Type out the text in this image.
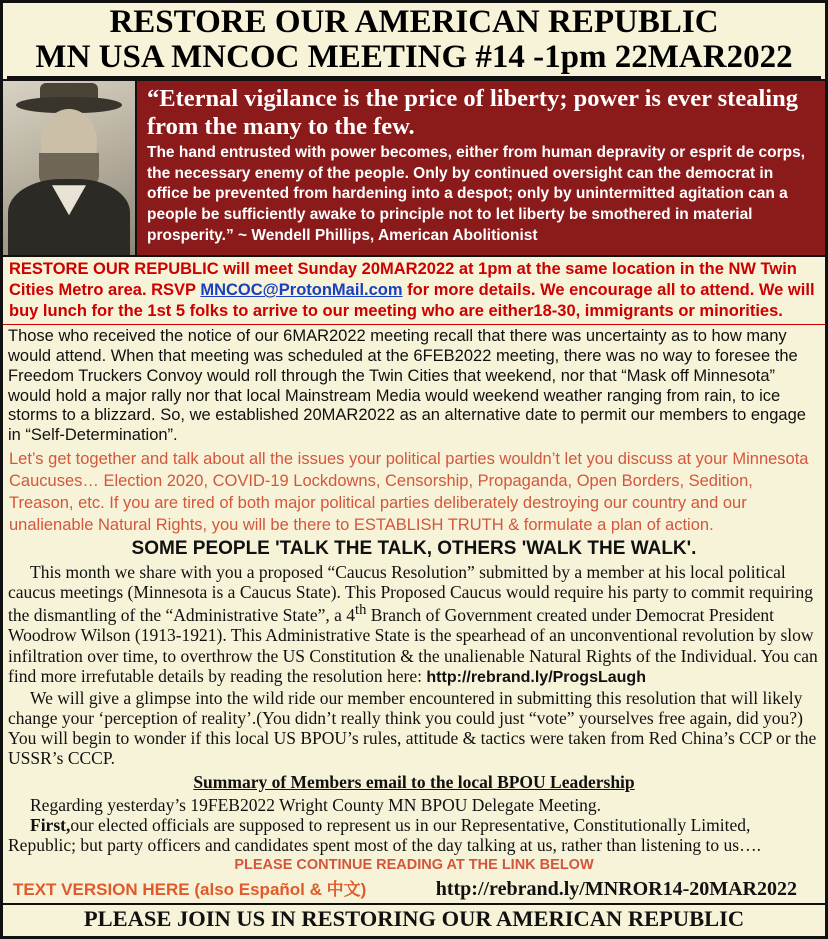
RESTORE OUR AMERICAN REPUBLIC
MN USA MNCOC MEETING #14 -1pm 22MAR2022
“Eternal vigilance is the price of liberty; power is ever stealing from the many to the few.
The hand entrusted with power becomes, either from human depravity or esprit de corps, the necessary enemy of the people. Only by continued oversight can the democrat in office be prevented from hardening into a despot; only by unintermitted agitation can a people be sufficiently awake to principle not to let liberty be smothered in material prosperity.” ~ Wendell Phillips, American Abolitionist
RESTORE OUR REPUBLIC will meet Sunday 20MAR2022 at 1pm at the same location in the NW Twin Cities Metro area. RSVP MNCOC@ProtonMail.com for more details. We encourage all to attend. We will buy lunch for the 1st 5 folks to arrive to our meeting who are either18-30, immigrants or minorities.
Those who received the notice of our 6MAR2022 meeting recall that there was uncertainty as to how many would attend. When that meeting was scheduled at the 6FEB2022 meeting, there was no way to foresee the Freedom Truckers Convoy would roll through the Twin Cities that weekend, nor that “Mask off Minnesota” would hold a major rally nor that local Mainstream Media would weekend weather ranging from rain, to ice storms to a blizzard. So, we established 20MAR2022 as an alternative date to permit our members to engage in “Self-Determination”.
Let’s get together and talk about all the issues your political parties wouldn’t let you discuss at your Minnesota Caucuses… Election 2020, COVID-19 Lockdowns, Censorship, Propaganda, Open Borders, Sedition, Treason, etc. If you are tired of both major political parties deliberately destroying our country and our unalienable Natural Rights, you will be there to ESTABLISH TRUTH & formulate a plan of action.
SOME PEOPLE 'TALK THE TALK, OTHERS 'WALK THE WALK'.
This month we share with you a proposed “Caucus Resolution” submitted by a member at his local political caucus meetings (Minnesota is a Caucus State). This Proposed Caucus would require his party to commit requiring the dismantling of the “Administrative State”, a 4th Branch of Government created under Democrat President Woodrow Wilson (1913-1921). This Administrative State is the spearhead of an unconventional revolution by slow infiltration over time, to overthrow the US Constitution & the unalienable Natural Rights of the Individual. You can find more irrefutable details by reading the resolution here: http://rebrand.ly/ProgsLaugh
We will give a glimpse into the wild ride our member encountered in submitting this resolution that will likely change your ‘perception of reality’.(You didn’t really think you could just “vote” yourselves free again, did you?) You will begin to wonder if this local US BPOU’s rules, attitude & tactics were taken from Red China’s CCP or the USSR’s CCCP.
Summary of Members email to the local BPOU Leadership
Regarding yesterday’s 19FEB2022 Wright County MN BPOU Delegate Meeting.
First,our elected officials are supposed to represent us in our Representative, Constitutionally Limited, Republic; but party officers and candidates spent most of the day talking at us, rather than listening to us….
PLEASE CONTINUE READING AT THE LINK BELOW
TEXT VERSION HERE (also Español & 中文)	http://rebrand.ly/MNROR14-20MAR2022
PLEASE JOIN US IN RESTORING OUR AMERICAN REPUBLIC
